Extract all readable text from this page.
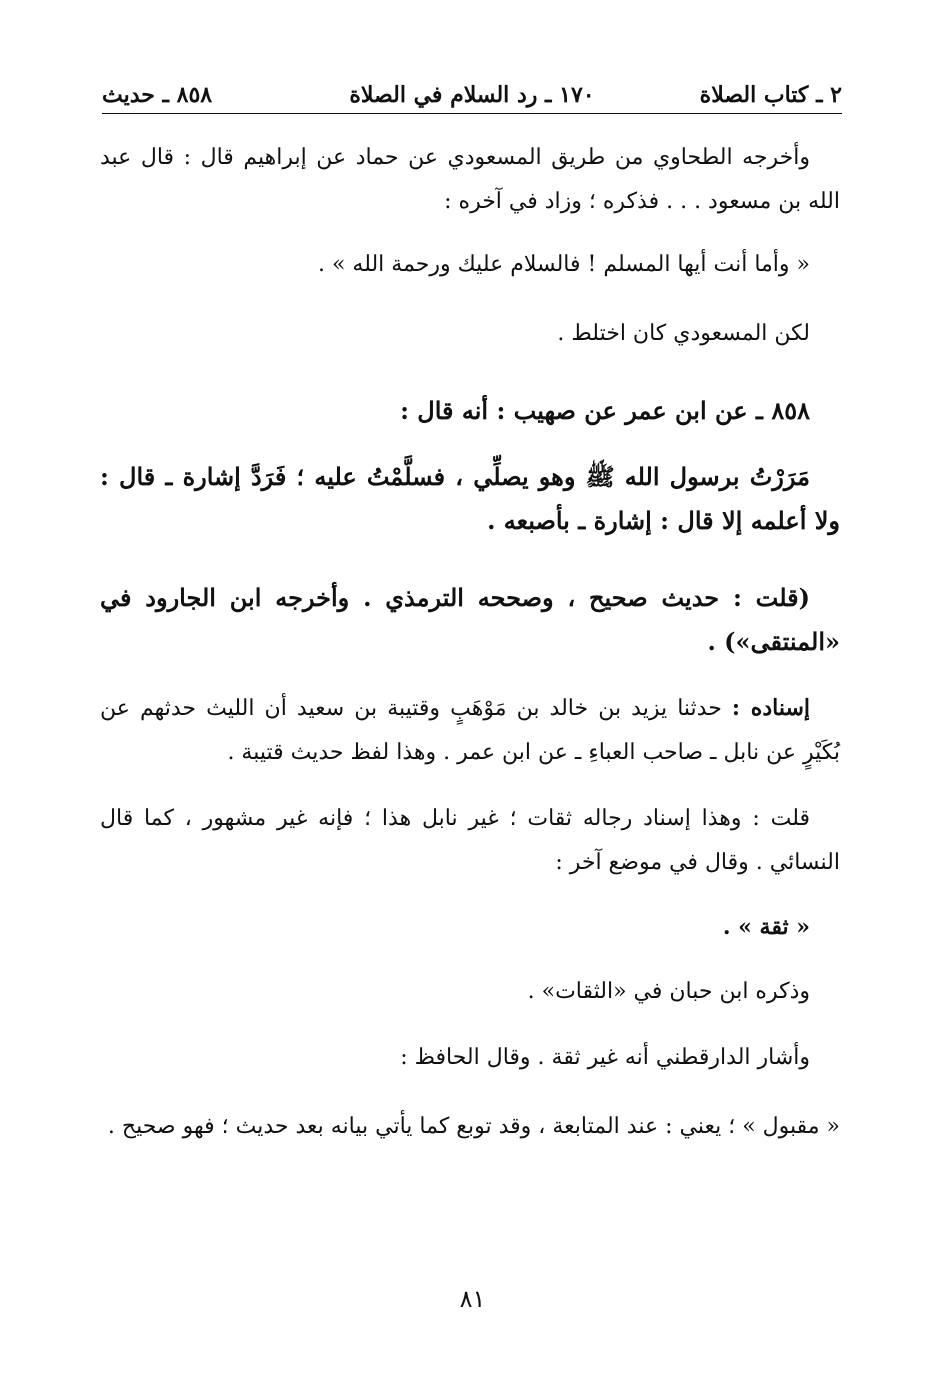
٢ ـ كتاب الصلاة
١٧٠ ـ رد السلام في الصلاة
٨٥٨ ـ حديث

وأخرجه الطحاوي من طريق المسعودي عن حماد عن إبراهيم قال : قال عبد الله بن مسعود . . . فذكره ؛ وزاد في آخره :

« وأما أنت أيها المسلم ! فالسلام عليك ورحمة الله » .

لكن المسعودي كان اختلط .

٨٥٨ ـ عن ابن عمر عن صهيب : أنه قال :

مَرَرْتُ برسول الله ﷺ وهو يصلِّي ، فسلَّمْتُ عليه ؛ فَرَدَّ إشارة ـ قال : ولا أعلمه إلا قال : إشارة ـ بأصبعه .

(قلت : حديث صحيح ، وصححه الترمذي . وأخرجه ابن الجارود في «المنتقى») .

إسناده : حدثنا يزيد بن خالد بن مَوْهَبٍ وقتيبة بن سعيد أن الليث حدثهم عن بُكَيْرٍ عن نابل ـ صاحب العباءِ ـ عن ابن عمر . وهذا لفظ حديث قتيبة .

قلت : وهذا إسناد رجاله ثقات ؛ غير نابل هذا ؛ فإنه غير مشهور ، كما قال النسائي . وقال في موضع آخر :

« ثقة » .

وذكره ابن حبان في «الثقات» .

وأشار الدارقطني أنه غير ثقة . وقال الحافظ :

« مقبول » ؛ يعني : عند المتابعة ، وقد توبع كما يأتي بيانه بعد حديث ؛ فهو صحيح .

٨١
